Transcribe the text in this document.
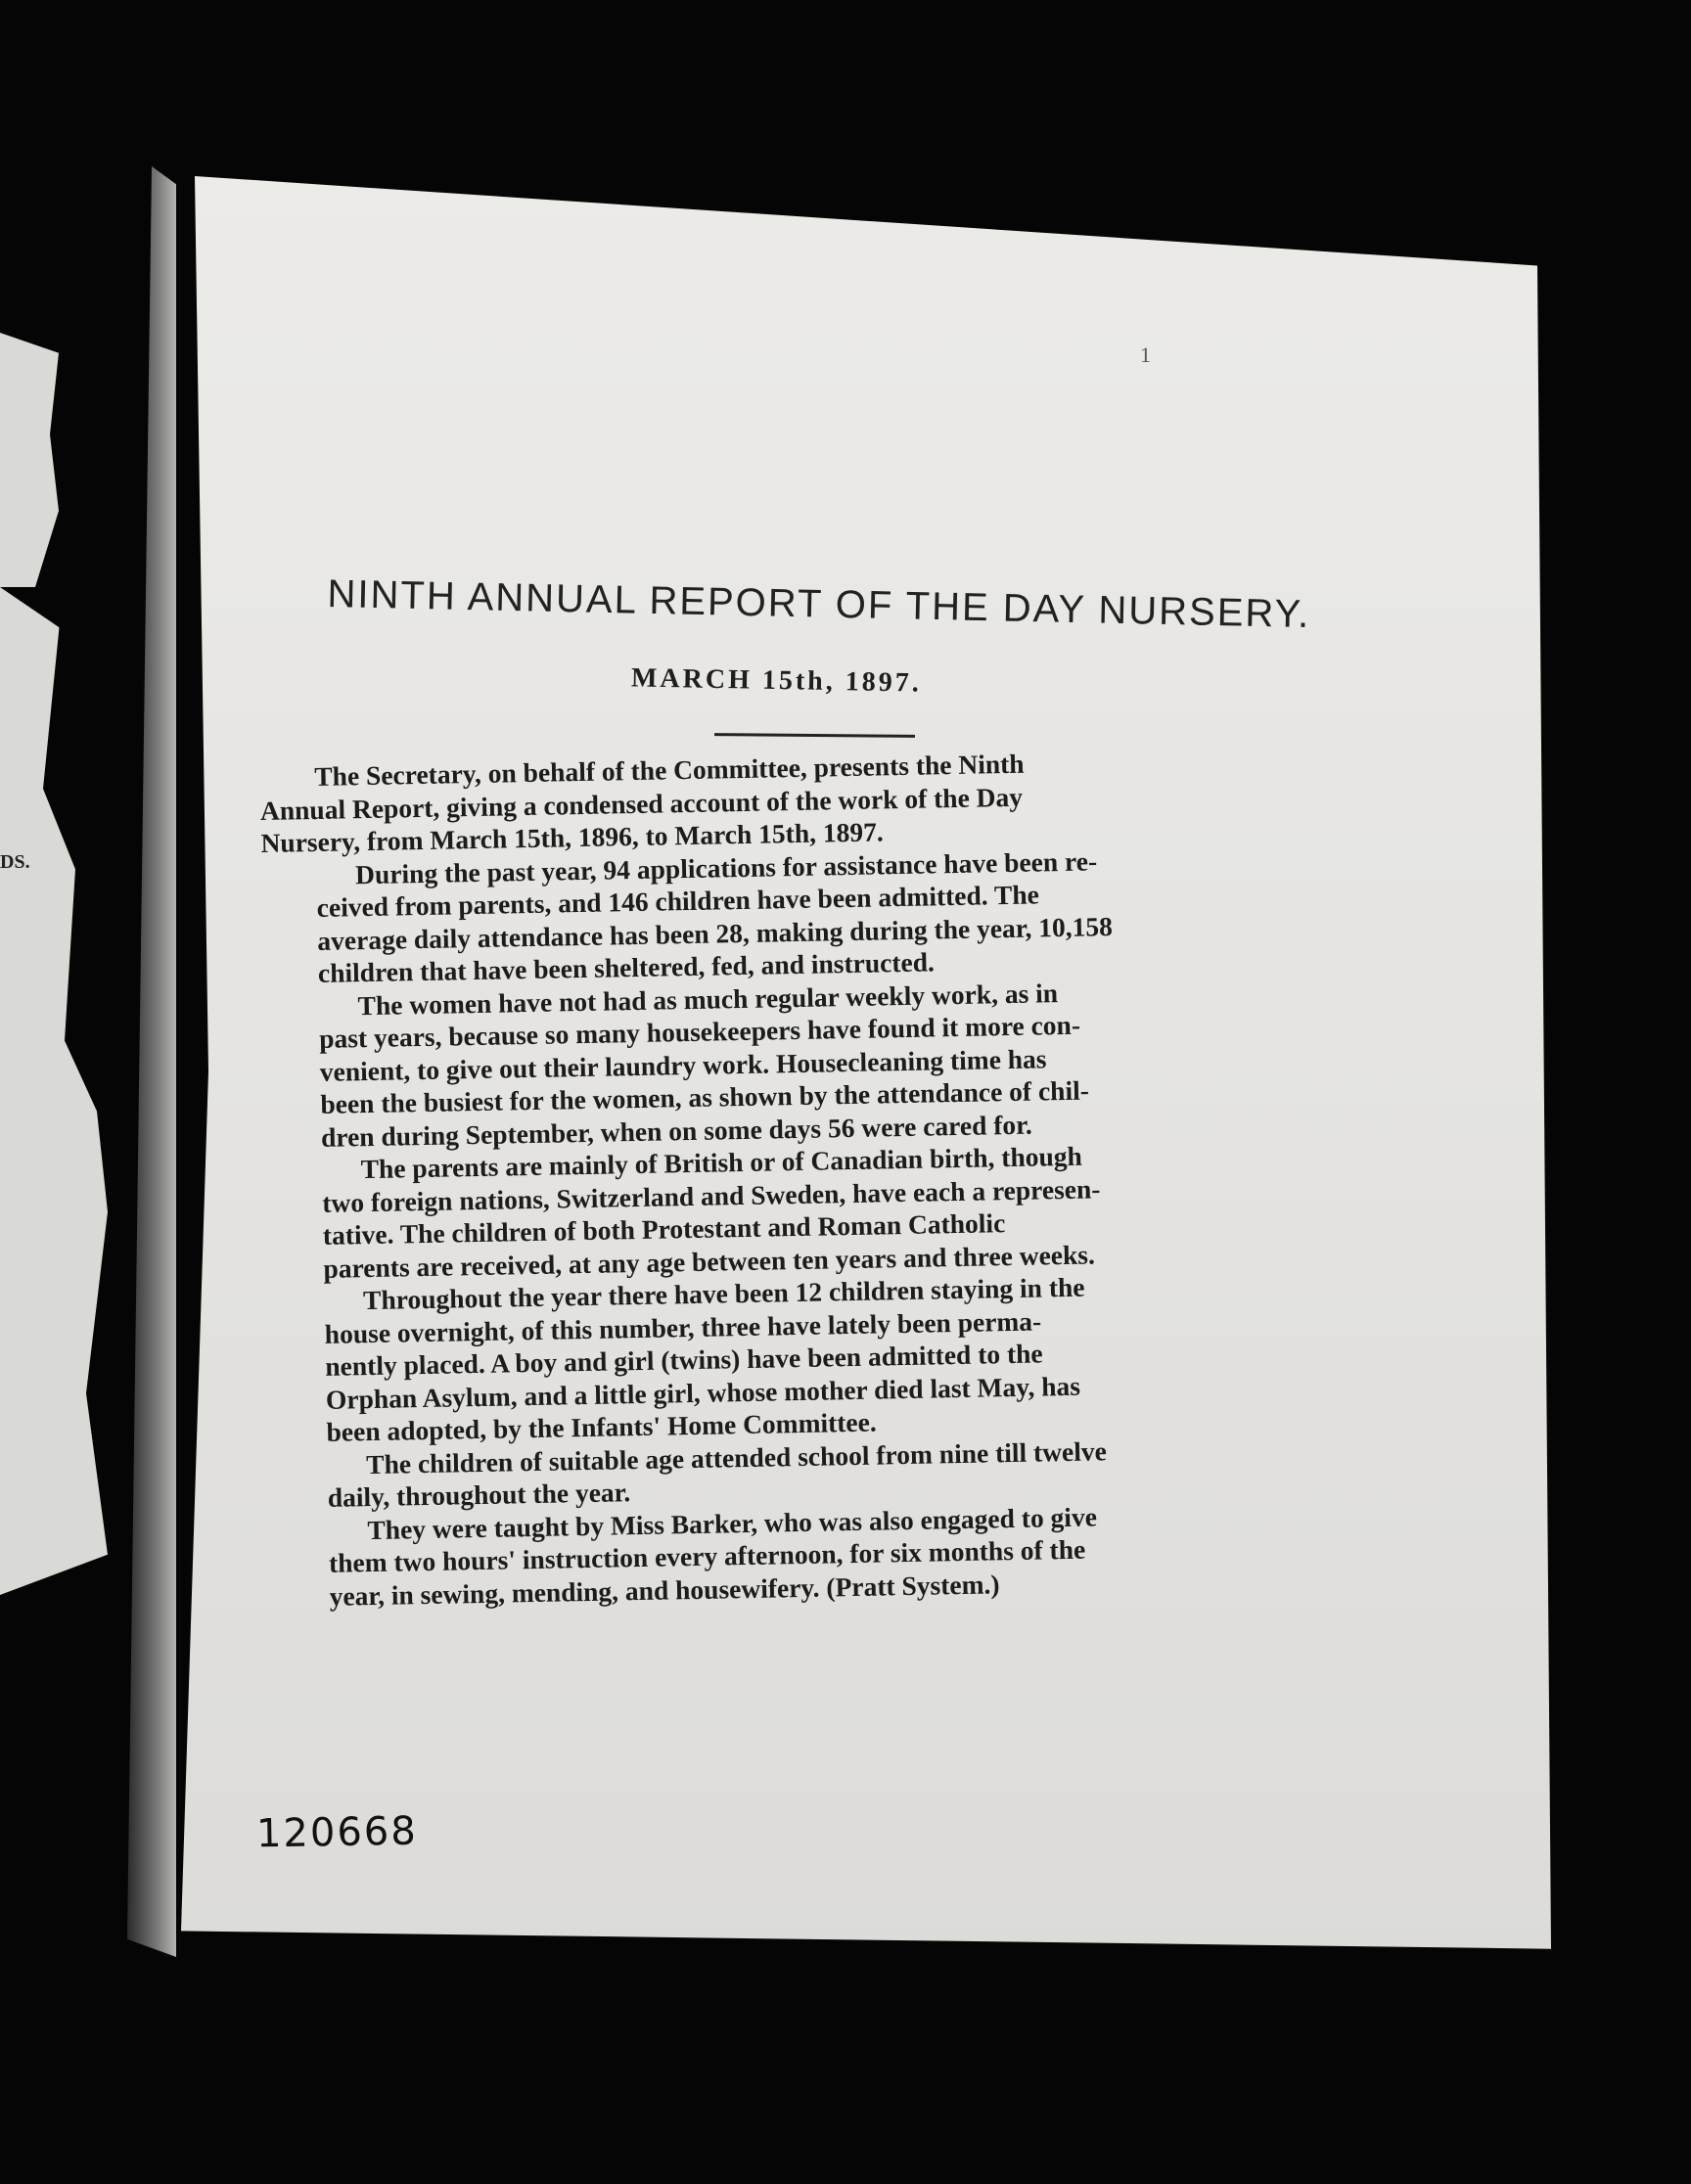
DS.
1
NINTH ANNUAL REPORT OF THE DAY NURSERY.
MARCH 15th, 1897.
The Secretary, on behalf of the Committee, presents the Ninth
Annual Report, giving a condensed account of the work of the Day
Nursery, from March 15th, 1896, to March 15th, 1897.
During the past year, 94 applications for assistance have been re-
ceived from parents, and 146 children have been admitted. The
average daily attendance has been 28, making during the year, 10,158
children that have been sheltered, fed, and instructed.
The women have not had as much regular weekly work, as in
past years, because so many housekeepers have found it more con-
venient, to give out their laundry work. Housecleaning time has
been the busiest for the women, as shown by the attendance of chil-
dren during September, when on some days 56 were cared for.
The parents are mainly of British or of Canadian birth, though
two foreign nations, Switzerland and Sweden, have each a represen-
tative. The children of both Protestant and Roman Catholic
parents are received, at any age between ten years and three weeks.
Throughout the year there have been 12 children staying in the
house overnight, of this number, three have lately been perma-
nently placed. A boy and girl (twins) have been admitted to the
Orphan Asylum, and a little girl, whose mother died last May, has
been adopted, by the Infants' Home Committee.
The children of suitable age attended school from nine till twelve
daily, throughout the year.
They were taught by Miss Barker, who was also engaged to give
them two hours' instruction every afternoon, for six months of the
year, in sewing, mending, and housewifery. (Pratt System.)
120668
